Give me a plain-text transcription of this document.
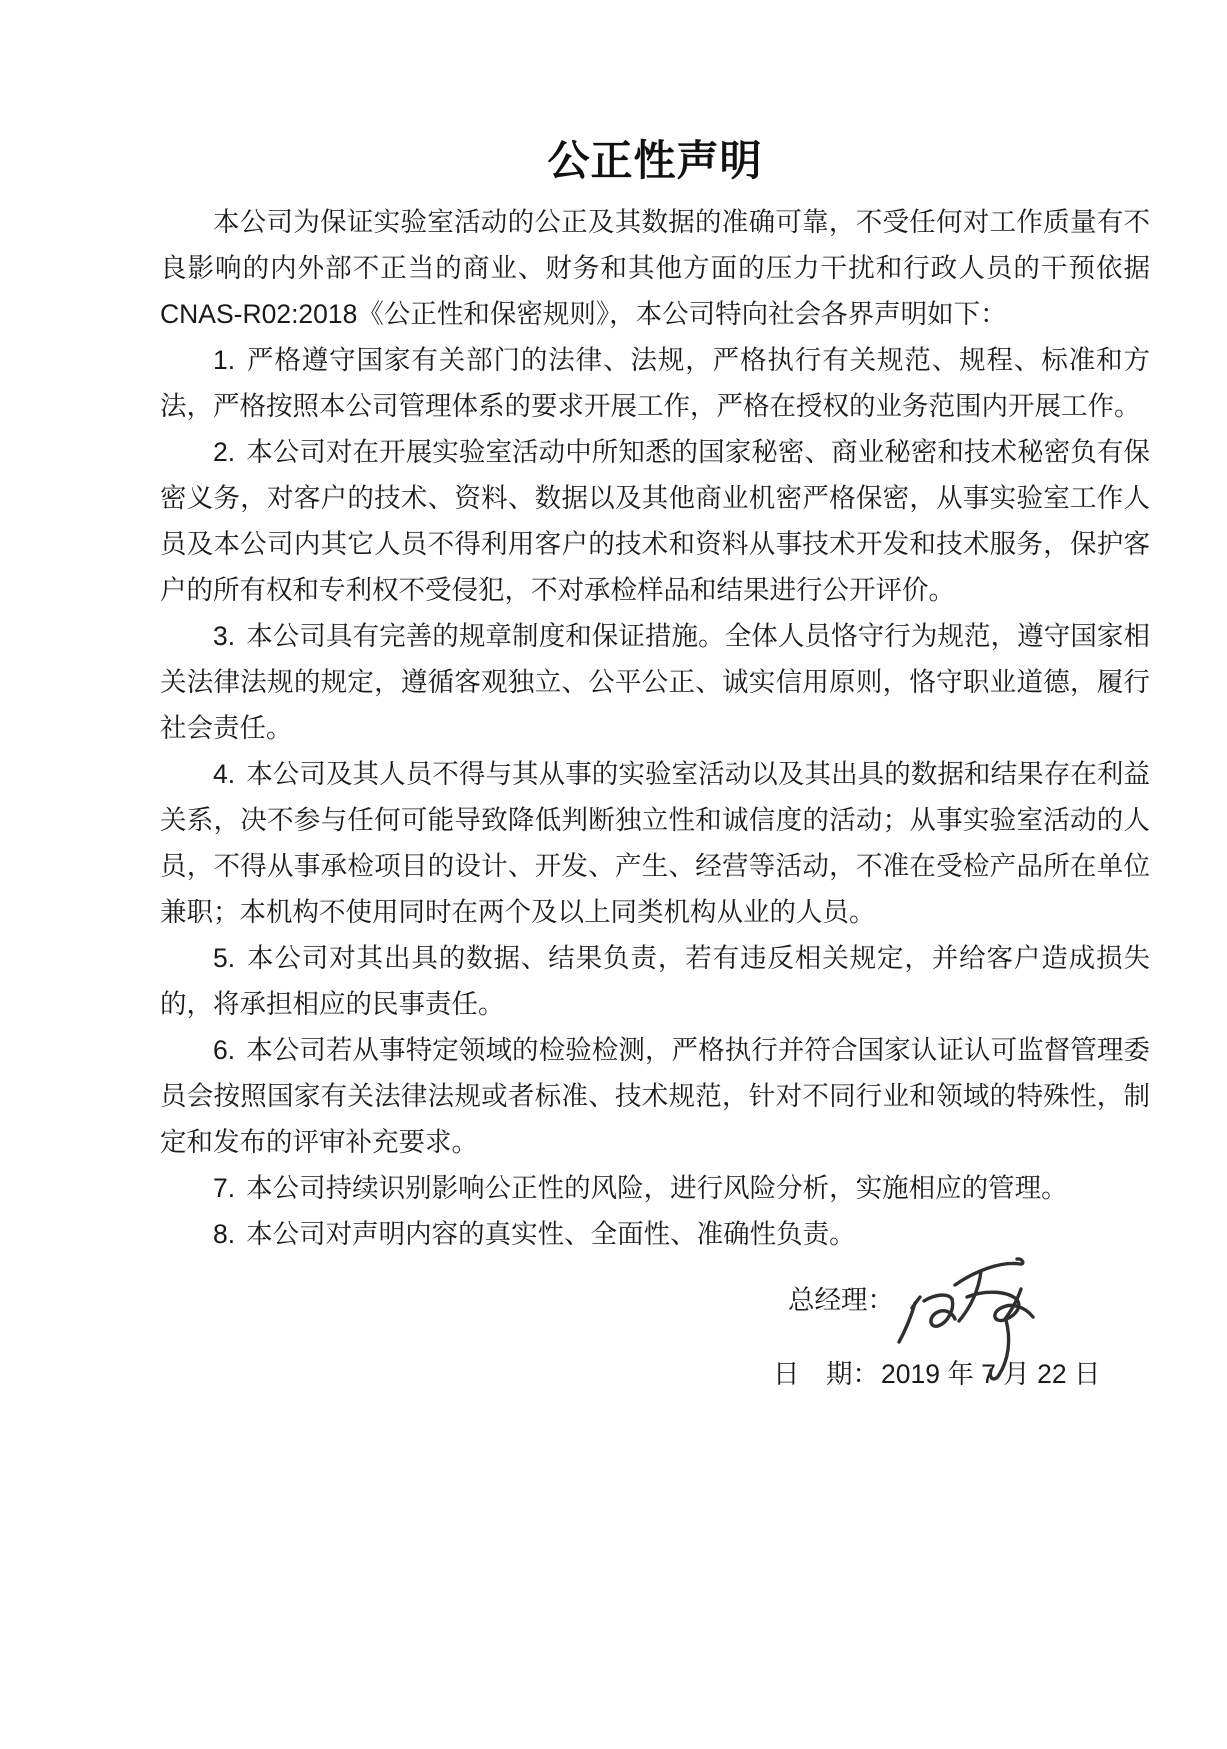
公正性声明

本公司为保证实验室活动的公正及其数据的准确可靠，不受任何对工作质量有不良影响的内外部不正当的商业、财务和其他方面的压力干扰和行政人员的干预依据CNAS-R02:2018《公正性和保密规则》，本公司特向社会各界声明如下：

1. 严格遵守国家有关部门的法律、法规，严格执行有关规范、规程、标准和方法，严格按照本公司管理体系的要求开展工作，严格在授权的业务范围内开展工作。

2. 本公司对在开展实验室活动中所知悉的国家秘密、商业秘密和技术秘密负有保密义务，对客户的技术、资料、数据以及其他商业机密严格保密，从事实验室工作人员及本公司内其它人员不得利用客户的技术和资料从事技术开发和技术服务，保护客户的所有权和专利权不受侵犯，不对承检样品和结果进行公开评价。

3. 本公司具有完善的规章制度和保证措施。全体人员恪守行为规范，遵守国家相关法律法规的规定，遵循客观独立、公平公正、诚实信用原则，恪守职业道德，履行社会责任。

4. 本公司及其人员不得与其从事的实验室活动以及其出具的数据和结果存在利益关系，决不参与任何可能导致降低判断独立性和诚信度的活动；从事实验室活动的人员，不得从事承检项目的设计、开发、产生、经营等活动，不准在受检产品所在单位兼职；本机构不使用同时在两个及以上同类机构从业的人员。

5. 本公司对其出具的数据、结果负责，若有违反相关规定，并给客户造成损失的，将承担相应的民事责任。

6. 本公司若从事特定领域的检验检测，严格执行并符合国家认证认可监督管理委员会按照国家有关法律法规或者标准、技术规范，针对不同行业和领域的特殊性，制定和发布的评审补充要求。

7. 本公司持续识别影响公正性的风险，进行风险分析，实施相应的管理。

8. 本公司对声明内容的真实性、全面性、准确性负责。

总经理：
日　期：2019 年 7 月 22 日
